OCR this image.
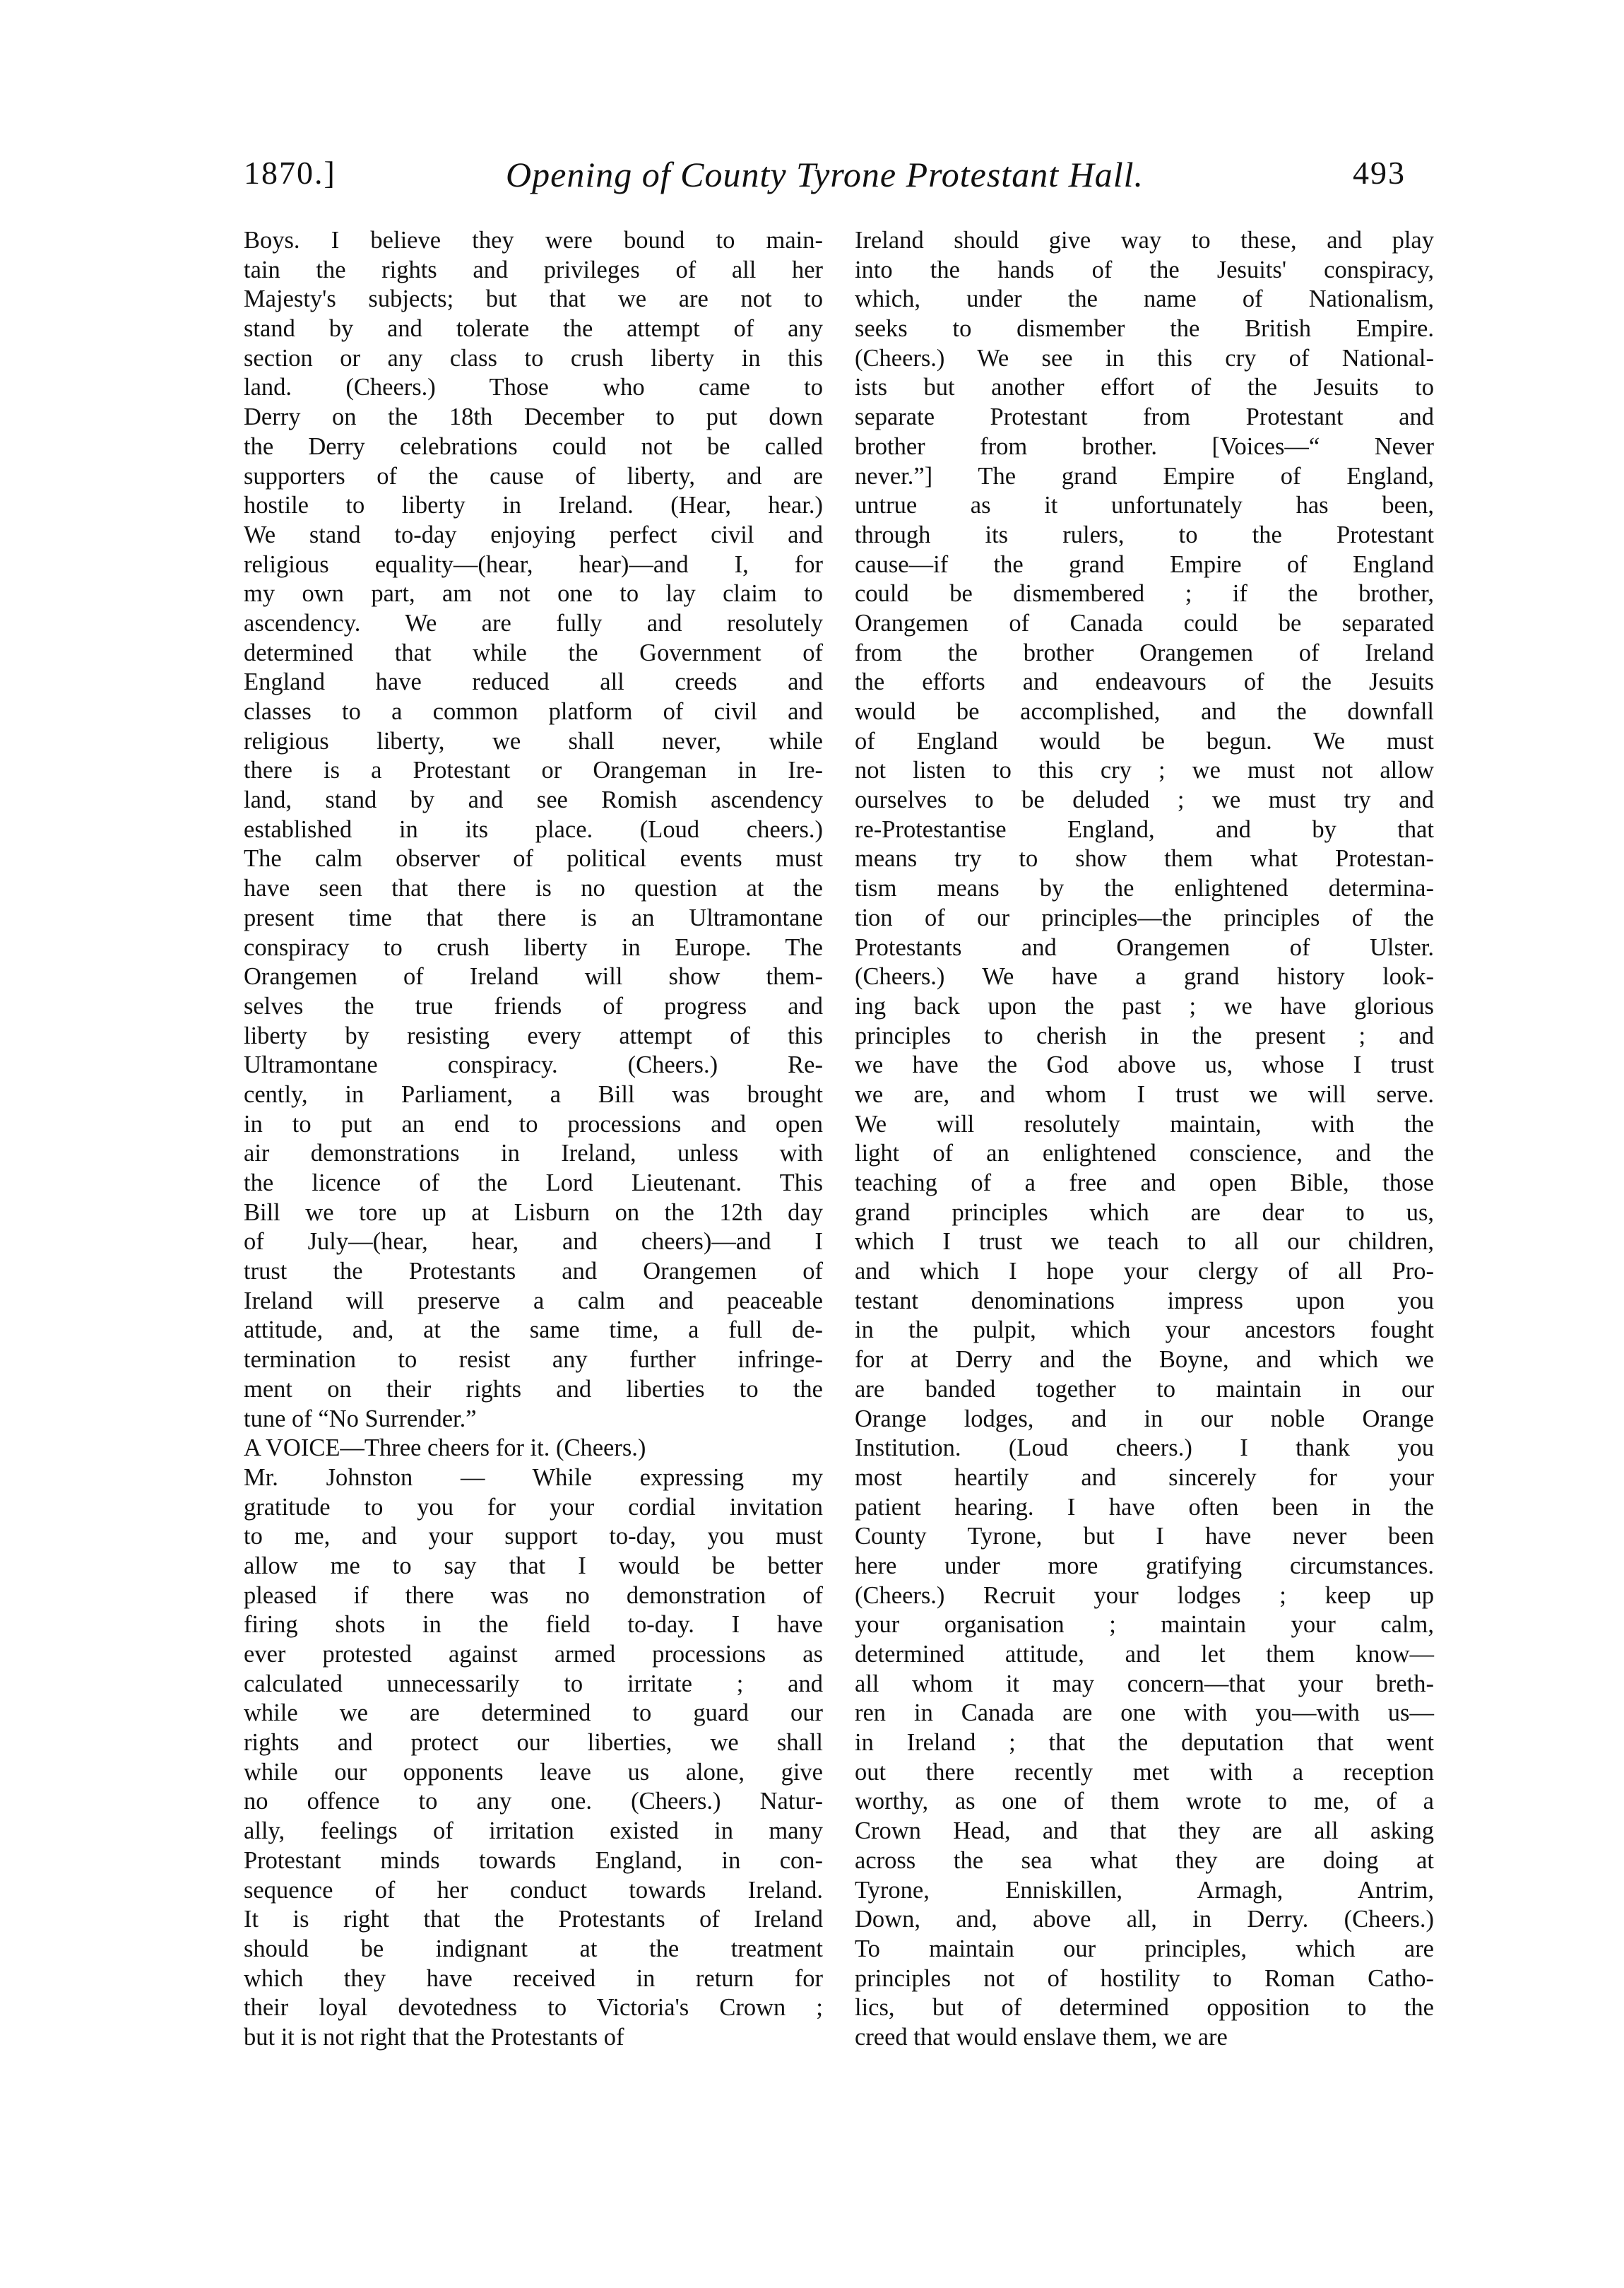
1870.]	Opening of County Tyrone Protestant Hall.	493
Boys. I believe they were bound to main-
tain the rights and privileges of all her
Majesty's subjects; but that we are not to
stand by and tolerate the attempt of any
section or any class to crush liberty in this
land. (Cheers.) Those who came to
Derry on the 18th December to put down
the Derry celebrations could not be called
supporters of the cause of liberty, and are
hostile to liberty in Ireland. (Hear, hear.)
We stand to-day enjoying perfect civil and
religious equality—(hear, hear)—and I, for
my own part, am not one to lay claim to
ascendency. We are fully and resolutely
determined that while the Government of
England have reduced all creeds and
classes to a common platform of civil and
religious liberty, we shall never, while
there is a Protestant or Orangeman in Ire-
land, stand by and see Romish ascendency
established in its place. (Loud cheers.)
The calm observer of political events must
have seen that there is no question at the
present time that there is an Ultramontane
conspiracy to crush liberty in Europe. The
Orangemen of Ireland will show them-
selves the true friends of progress and
liberty by resisting every attempt of this
Ultramontane conspiracy. (Cheers.) Re-
cently, in Parliament, a Bill was brought
in to put an end to processions and open
air demonstrations in Ireland, unless with
the licence of the Lord Lieutenant. This
Bill we tore up at Lisburn on the 12th day
of July—(hear, hear, and cheers)—and I
trust the Protestants and Orangemen of
Ireland will preserve a calm and peaceable
attitude, and, at the same time, a full de-
termination to resist any further infringe-
ment on their rights and liberties to the
tune of “No Surrender.”
A VOICE—Three cheers for it. (Cheers.)
Mr. Johnston — While expressing my
gratitude to you for your cordial invitation
to me, and your support to-day, you must
allow me to say that I would be better
pleased if there was no demonstration of
firing shots in the field to-day. I have
ever protested against armed processions as
calculated unnecessarily to irritate ; and
while we are determined to guard our
rights and protect our liberties, we shall
while our opponents leave us alone, give
no offence to any one. (Cheers.) Natur-
ally, feelings of irritation existed in many
Protestant minds towards England, in con-
sequence of her conduct towards Ireland.
It is right that the Protestants of Ireland
should be indignant at the treatment
which they have received in return for
their loyal devotedness to Victoria's Crown ;
but it is not right that the Protestants of
Ireland should give way to these, and play
into the hands of the Jesuits' conspiracy,
which, under the name of Nationalism,
seeks to dismember the British Empire.
(Cheers.) We see in this cry of National-
ists but another effort of the Jesuits to
separate Protestant from Protestant and
brother from brother. [Voices—“ Never
never.”] The grand Empire of England,
untrue as it unfortunately has been,
through its rulers, to the Protestant
cause—if the grand Empire of England
could be dismembered ; if the brother,
Orangemen of Canada could be separated
from the brother Orangemen of Ireland
the efforts and endeavours of the Jesuits
would be accomplished, and the downfall
of England would be begun. We must
not listen to this cry ; we must not allow
ourselves to be deluded ; we must try and
re-Protestantise England, and by that
means try to show them what Protestan-
tism means by the enlightened determina-
tion of our principles—the principles of the
Protestants and Orangemen of Ulster.
(Cheers.) We have a grand history look-
ing back upon the past ; we have glorious
principles to cherish in the present ; and
we have the God above us, whose I trust
we are, and whom I trust we will serve.
We will resolutely maintain, with the
light of an enlightened conscience, and the
teaching of a free and open Bible, those
grand principles which are dear to us,
which I trust we teach to all our children,
and which I hope your clergy of all Pro-
testant denominations impress upon you
in the pulpit, which your ancestors fought
for at Derry and the Boyne, and which we
are banded together to maintain in our
Orange lodges, and in our noble Orange
Institution. (Loud cheers.) I thank you
most heartily and sincerely for your
patient hearing. I have often been in the
County Tyrone, but I have never been
here under more gratifying circumstances.
(Cheers.) Recruit your lodges ; keep up
your organisation ; maintain your calm,
determined attitude, and let them know—
all whom it may concern—that your breth-
ren in Canada are one with you—with us—
in Ireland ; that the deputation that went
out there recently met with a reception
worthy, as one of them wrote to me, of a
Crown Head, and that they are all asking
across the sea what they are doing at
Tyrone, Enniskillen, Armagh, Antrim,
Down, and, above all, in Derry. (Cheers.)
To maintain our principles, which are
principles not of hostility to Roman Catho-
lics, but of determined opposition to the
creed that would enslave them, we are
